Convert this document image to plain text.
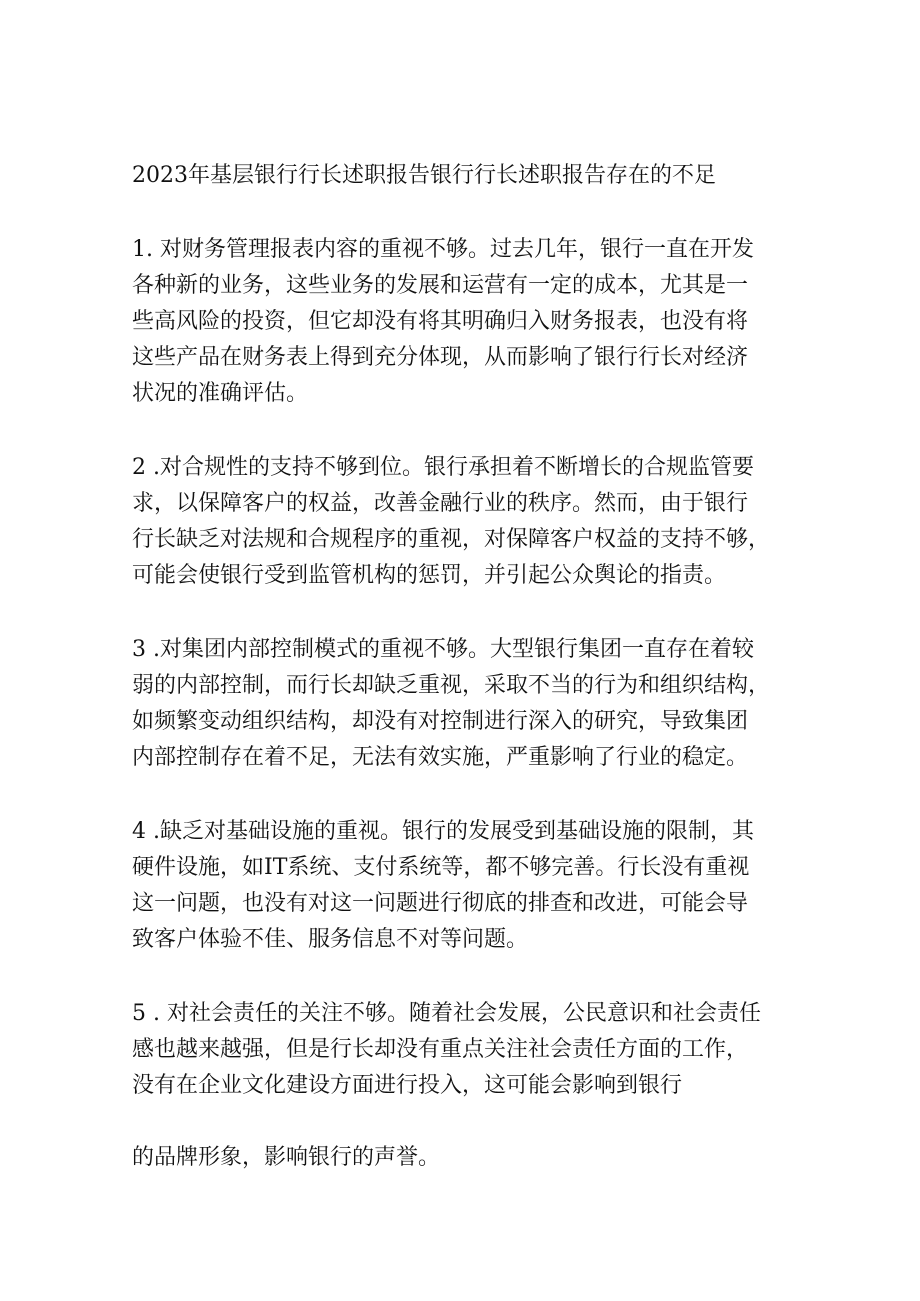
2023年基层银行行长述职报告银行行长述职报告存在的不足
1. 对财务管理报表内容的重视不够。过去几年，银行一直在开发
各种新的业务，这些业务的发展和运营有一定的成本，尤其是一
些高风险的投资，但它却没有将其明确归入财务报表，也没有将
这些产品在财务表上得到充分体现，从而影响了银行行长对经济
状况的准确评估。
2 .对合规性的支持不够到位。银行承担着不断增长的合规监管要
求，以保障客户的权益，改善金融行业的秩序。然而，由于银行
行长缺乏对法规和合规程序的重视，对保障客户权益的支持不够，
可能会使银行受到监管机构的惩罚，并引起公众舆论的指责。
3 .对集团内部控制模式的重视不够。大型银行集团一直存在着较
弱的内部控制，而行长却缺乏重视，采取不当的行为和组织结构，
如频繁变动组织结构，却没有对控制进行深入的研究，导致集团
内部控制存在着不足，无法有效实施，严重影响了行业的稳定。
4 .缺乏对基础设施的重视。银行的发展受到基础设施的限制，其
硬件设施，如IT系统、支付系统等，都不够完善。行长没有重视
这一问题，也没有对这一问题进行彻底的排查和改进，可能会导
致客户体验不佳、服务信息不对等问题。
5 . 对社会责任的关注不够。随着社会发展，公民意识和社会责任
感也越来越强，但是行长却没有重点关注社会责任方面的工作，
没有在企业文化建设方面进行投入，这可能会影响到银行
的品牌形象，影响银行的声誉。
